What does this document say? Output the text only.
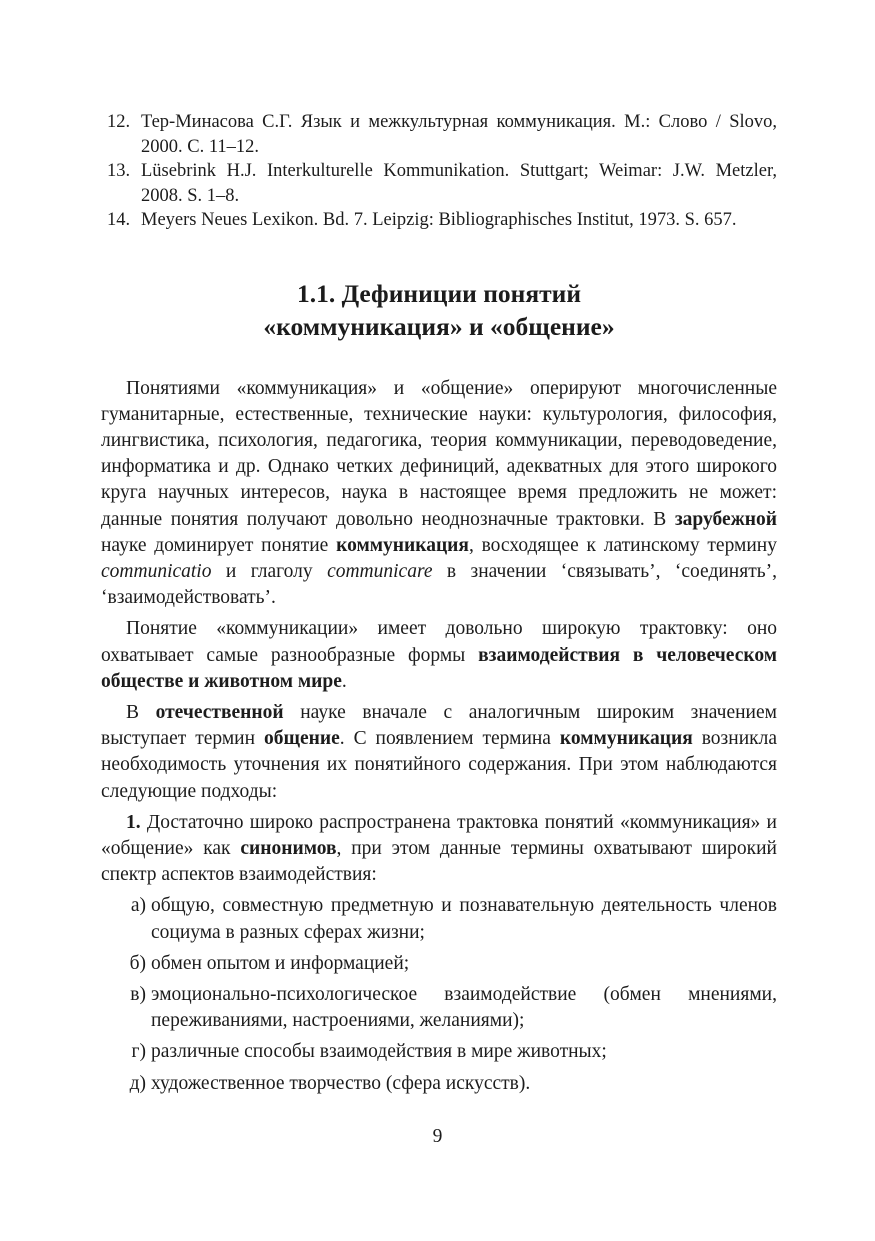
12. Тер-Минасова С.Г. Язык и межкультурная коммуникация. М.: Слово / Slovo, 2000. С. 11–12.
13. Lüsebrink H.J. Interkulturelle Kommunikation. Stuttgart; Weimar: J.W. Metzler, 2008. S. 1–8.
14. Meyers Neues Lexikon. Bd. 7. Leipzig: Bibliographisches Institut, 1973. S. 657.
1.1. Дефиниции понятий
«коммуникация» и «общение»

Понятиями «коммуникация» и «общение» оперируют многочисленные гуманитарные, естественные, технические науки: культурология, философия, лингвистика, психология, педагогика, теория коммуникации, переводоведение, информатика и др. Однако четких дефиниций, адекватных для этого широкого круга научных интересов, наука в настоящее время предложить не может: данные понятия получают довольно неоднозначные трактовки. В зарубежной науке доминирует понятие коммуникация, восходящее к латинскому термину communicatio и глаголу communicare в значении ‘связывать’, ‘соединять’, ‘взаимодействовать’.

Понятие «коммуникации» имеет довольно широкую трактовку: оно охватывает самые разнообразные формы взаимодействия в человеческом обществе и животном мире.

В отечественной науке вначале с аналогичным широким значением выступает термин общение. С появлением термина коммуникация возникла необходимость уточнения их понятийного содержания. При этом наблюдаются следующие подходы:

1. Достаточно широко распространена трактовка понятий «коммуникация» и «общение» как синонимов, при этом данные термины охватывают широкий спектр аспектов взаимодействия:

а) общую, совместную предметную и познавательную деятельность членов социума в разных сферах жизни;
б) обмен опытом и информацией;
в) эмоционально-психологическое взаимодействие (обмен мнениями, переживаниями, настроениями, желаниями);
г) различные способы взаимодействия в мире животных;
д) художественное творчество (сфера искусств).
9
